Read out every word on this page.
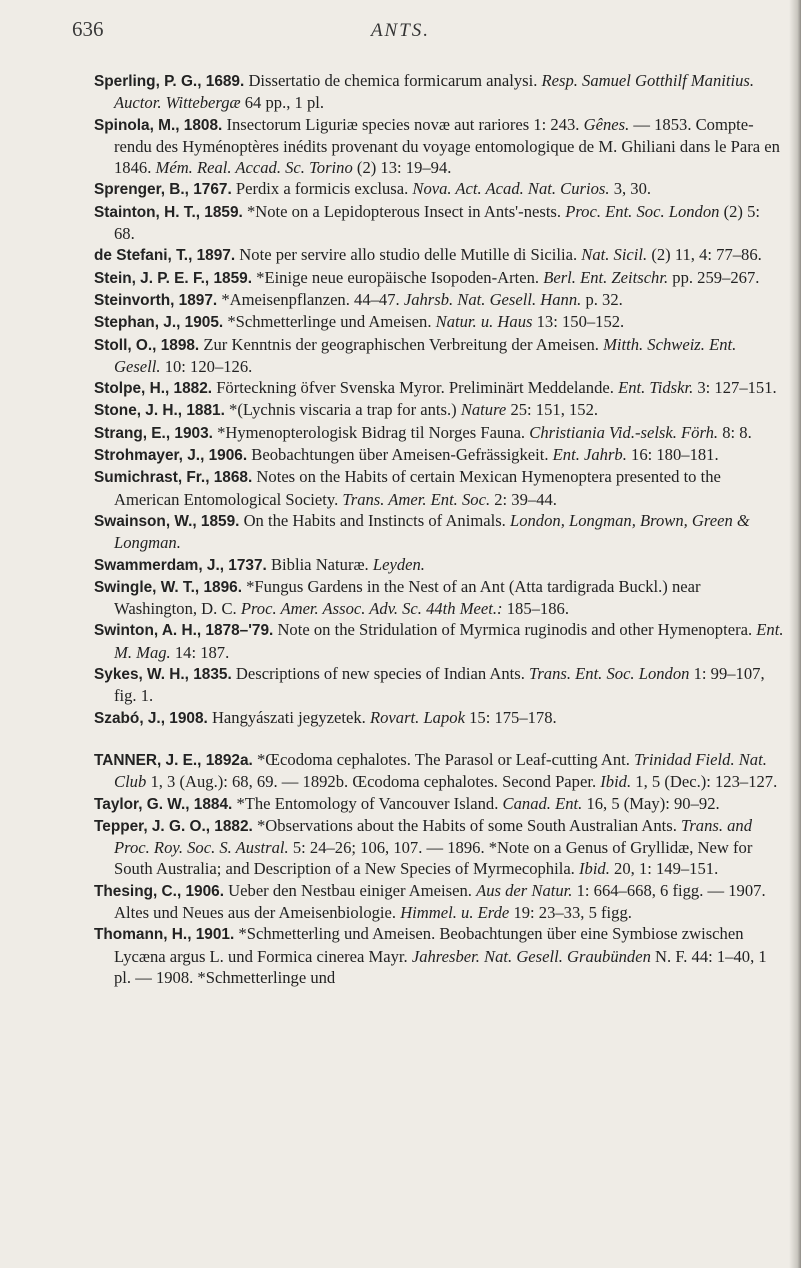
636	ANTS.

Sperling, P. G., 1689. Dissertatio de chemica formicarum analysi. Resp. Samuel Gotthilf Manitius. Auctor. Wittebergæ 64 pp., 1 pl.

Spinola, M., 1808. Insectorum Liguriæ species novæ aut rariores 1: 243. Gênes. — 1853. Compte-rendu des Hyménoptères inédits provenant du voyage entomologique de M. Ghiliani dans le Para en 1846. Mém. Real. Accad. Sc. Torino (2) 13: 19–94.

Sprenger, B., 1767. Perdix a formicis exclusa. Nova. Act. Acad. Nat. Curios. 3, 30.

Stainton, H. T., 1859. *Note on a Lepidopterous Insect in Ants'-nests. Proc. Ent. Soc. London (2) 5: 68.

de Stefani, T., 1897. Note per servire allo studio delle Mutille di Sicilia. Nat. Sicil. (2) 11, 4: 77–86.

Stein, J. P. E. F., 1859. *Einige neue europäische Isopoden-Arten. Berl. Ent. Zeitschr. pp. 259–267.

Steinvorth, 1897. *Ameisenpflanzen. 44–47. Jahrsb. Nat. Gesell. Hann. p. 32.

Stephan, J., 1905. *Schmetterlinge und Ameisen. Natur. u. Haus 13: 150–152.

Stoll, O., 1898. Zur Kenntnis der geographischen Verbreitung der Ameisen. Mitth. Schweiz. Ent. Gesell. 10: 120–126.

Stolpe, H., 1882. Förteckning öfver Svenska Myror. Preliminärt Meddelande. Ent. Tidskr. 3: 127–151.

Stone, J. H., 1881. *(Lychnis viscaria a trap for ants.) Nature 25: 151, 152.

Strang, E., 1903. *Hymenopterologisk Bidrag til Norges Fauna. Christiania Vid.-selsk. Förh. 8: 8.

Strohmayer, J., 1906. Beobachtungen über Ameisen-Gefrässigkeit. Ent. Jahrb. 16: 180–181.

Sumichrast, Fr., 1868. Notes on the Habits of certain Mexican Hymenoptera presented to the American Entomological Society. Trans. Amer. Ent. Soc. 2: 39–44.

Swainson, W., 1859. On the Habits and Instincts of Animals. London, Longman, Brown, Green & Longman.

Swammerdam, J., 1737. Biblia Naturæ. Leyden.

Swingle, W. T., 1896. *Fungus Gardens in the Nest of an Ant (Atta tardigrada Buckl.) near Washington, D. C. Proc. Amer. Assoc. Adv. Sc. 44th Meet.: 185–186.

Swinton, A. H., 1878–'79. Note on the Stridulation of Myrmica ruginodis and other Hymenoptera. Ent. M. Mag. 14: 187.

Sykes, W. H., 1835. Descriptions of new species of Indian Ants. Trans. Ent. Soc. London 1: 99–107, fig. 1.

Szabó, J., 1908. Hangyászati jegyzetek. Rovart. Lapok 15: 175–178.

TANNER, J. E., 1892a. *Œcodoma cephalotes. The Parasol or Leaf-cutting Ant. Trinidad Field. Nat. Club 1, 3 (Aug.): 68, 69. — 1892b. Œcodoma cephalotes. Second Paper. Ibid. 1, 5 (Dec.): 123–127.

Taylor, G. W., 1884. *The Entomology of Vancouver Island. Canad. Ent. 16, 5 (May): 90–92.

Tepper, J. G. O., 1882. *Observations about the Habits of some South Australian Ants. Trans. and Proc. Roy. Soc. S. Austral. 5: 24–26; 106, 107. — 1896. *Note on a Genus of Gryllidæ, New for South Australia; and Description of a New Species of Myrmecophila. Ibid. 20, 1: 149–151.

Thesing, C., 1906. Ueber den Nestbau einiger Ameisen. Aus der Natur. 1: 664–668, 6 figg. — 1907. Altes und Neues aus der Ameisenbiologie. Himmel. u. Erde 19: 23–33, 5 figg.

Thomann, H., 1901. *Schmetterling und Ameisen. Beobachtungen über eine Symbiose zwischen Lycæna argus L. und Formica cinerea Mayr. Jahresber. Nat. Gesell. Graubünden N. F. 44: 1–40, 1 pl. — 1908. *Schmetterlinge und
